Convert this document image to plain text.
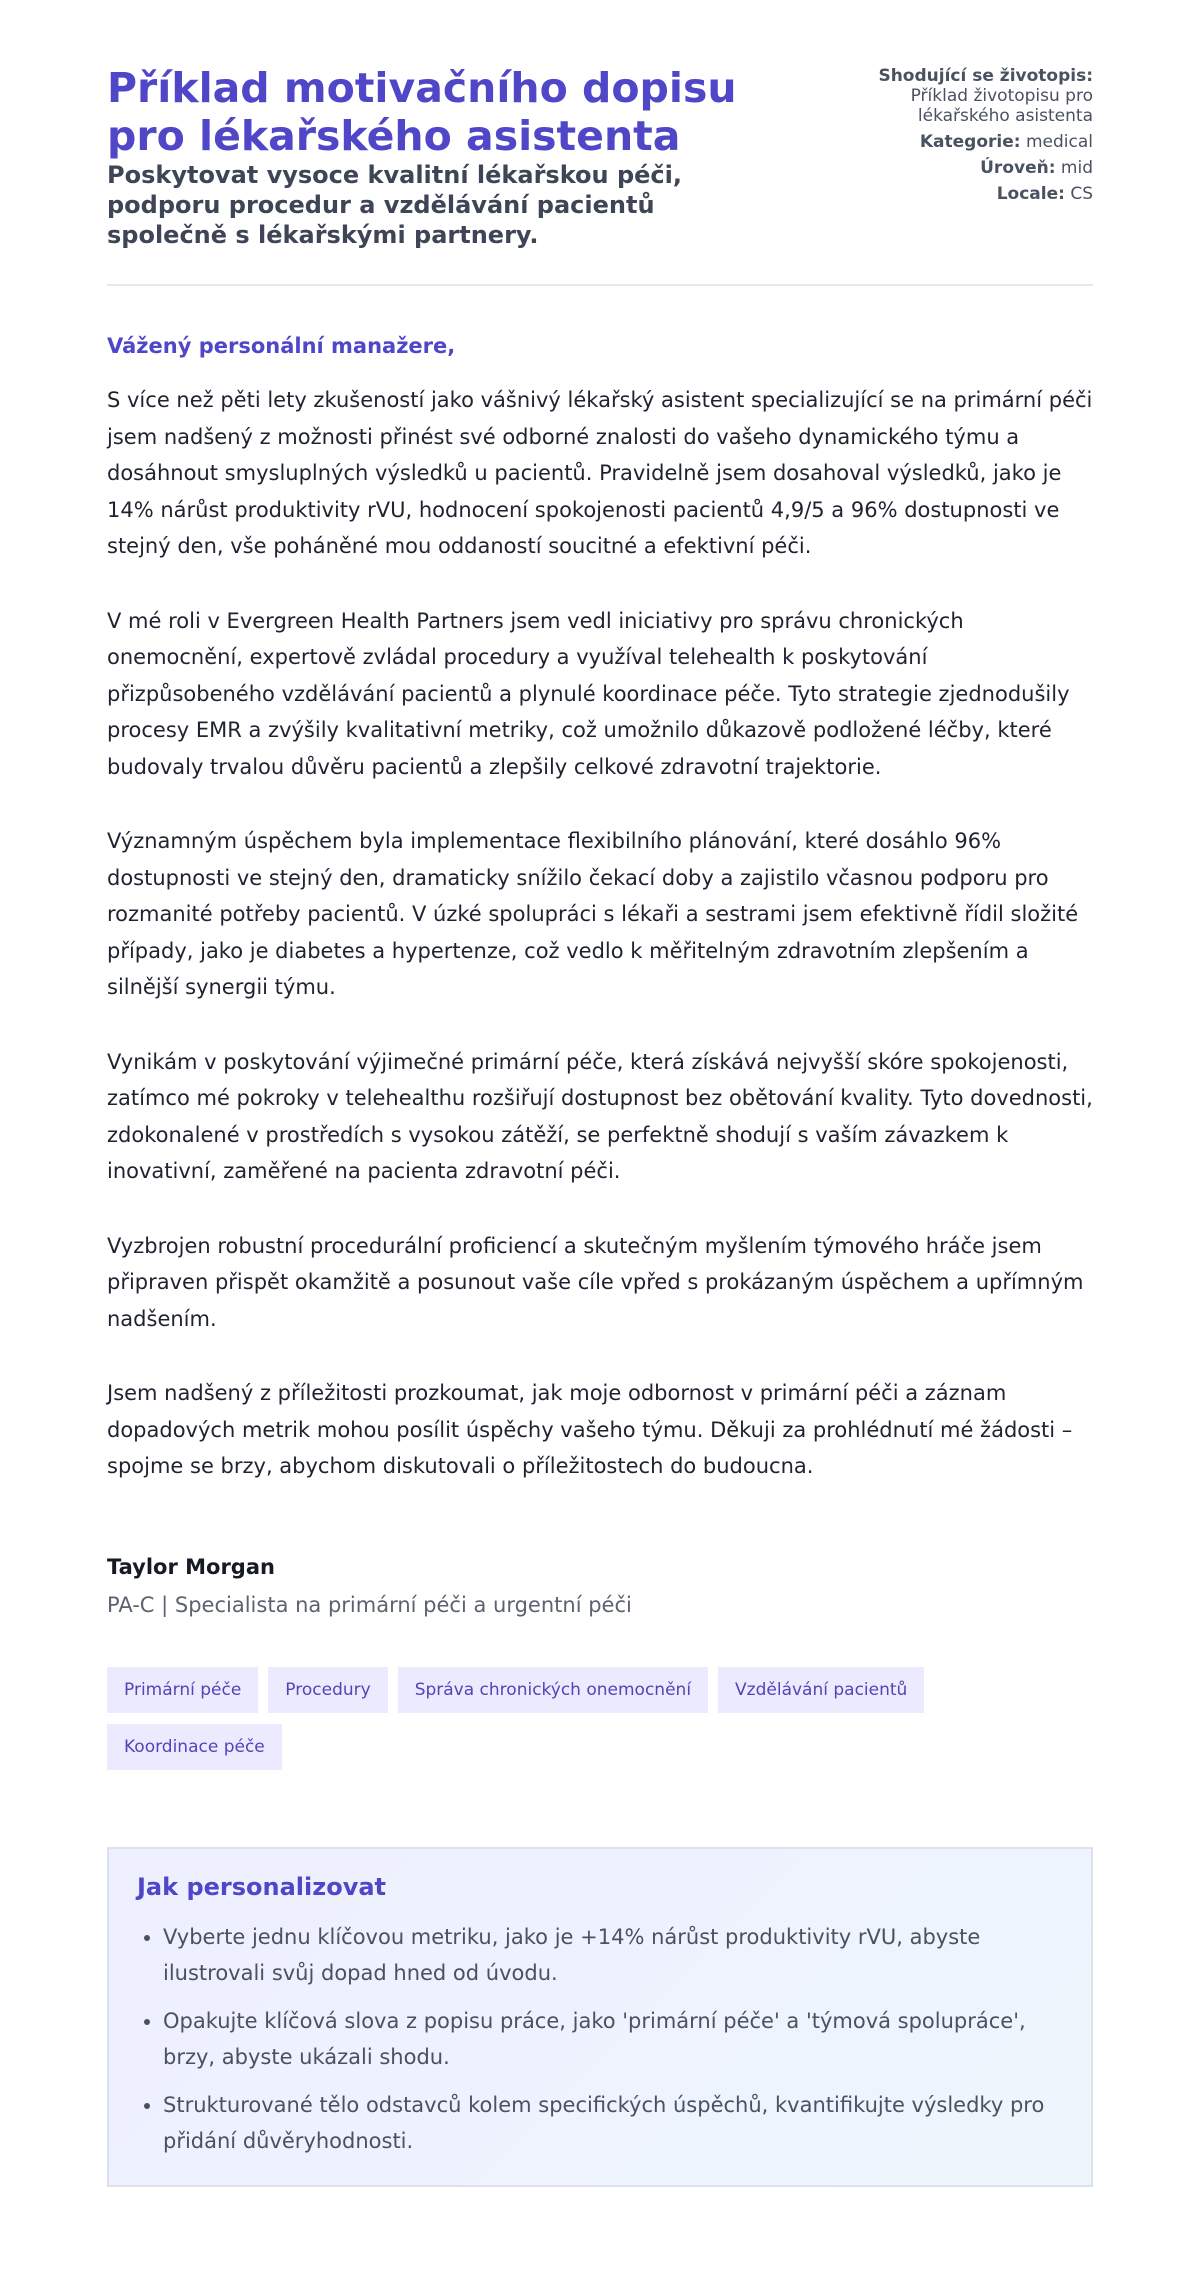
Příklad motivačního dopisu pro lékařského asistenta
Poskytovat vysoce kvalitní lékařskou péči, podporu procedur a vzdělávání pacientů společně s lékařskými partnery.
Shodující se životopis:
Příklad životopisu pro lékařského asistenta
Kategorie: medical
Úroveň: mid
Locale: CS

Vážený personální manažere,

S více než pěti lety zkušeností jako vášnivý lékařský asistent specializující se na primární péči jsem nadšený z možnosti přinést své odborné znalosti do vašeho dynamického týmu a dosáhnout smysluplných výsledků u pacientů. Pravidelně jsem dosahoval výsledků, jako je 14% nárůst produktivity rVU, hodnocení spokojenosti pacientů 4,9/5 a 96% dostupnosti ve stejný den, vše poháněné mou oddaností soucitné a efektivní péči.

V mé roli v Evergreen Health Partners jsem vedl iniciativy pro správu chronických onemocnění, expertově zvládal procedury a využíval telehealth k poskytování přizpůsobeného vzdělávání pacientů a plynulé koordinace péče. Tyto strategie zjednodušily procesy EMR a zvýšily kvalitativní metriky, což umožnilo důkazově podložené léčby, které budovaly trvalou důvěru pacientů a zlepšily celkové zdravotní trajektorie.

Významným úspěchem byla implementace flexibilního plánování, které dosáhlo 96% dostupnosti ve stejný den, dramaticky snížilo čekací doby a zajistilo včasnou podporu pro rozmanité potřeby pacientů. V úzké spolupráci s lékaři a sestrami jsem efektivně řídil složité případy, jako je diabetes a hypertenze, což vedlo k měřitelným zdravotním zlepšením a silnější synergii týmu.

Vynikám v poskytování výjimečné primární péče, která získává nejvyšší skóre spokojenosti, zatímco mé pokroky v telehealthu rozšiřují dostupnost bez obětování kvality. Tyto dovednosti, zdokonalené v prostředích s vysokou zátěží, se perfektně shodují s vaším závazkem k inovativní, zaměřené na pacienta zdravotní péči.

Vyzbrojen robustní procedurální proficiencí a skutečným myšlením týmového hráče jsem připraven přispět okamžitě a posunout vaše cíle vpřed s prokázaným úspěchem a upřímným nadšením.

Jsem nadšený z příležitosti prozkoumat, jak moje odbornost v primární péči a záznam dopadových metrik mohou posílit úspěchy vašeho týmu. Děkuji za prohlédnutí mé žádosti – spojme se brzy, abychom diskutovali o příležitostech do budoucna.

Taylor Morgan
PA-C | Specialista na primární péči a urgentní péči
Primární péče	Procedury	Správa chronických onemocnění	Vzdělávání pacientů
Koordinace péče
Jak personalizovat
• Vyberte jednu klíčovou metriku, jako je +14% nárůst produktivity rVU, abyste ilustrovali svůj dopad hned od úvodu.
• Opakujte klíčová slova z popisu práce, jako 'primární péče' a 'týmová spolupráce', brzy, abyste ukázali shodu.
• Strukturované tělo odstavců kolem specifických úspěchů, kvantifikujte výsledky pro přidání důvěryhodnosti.
